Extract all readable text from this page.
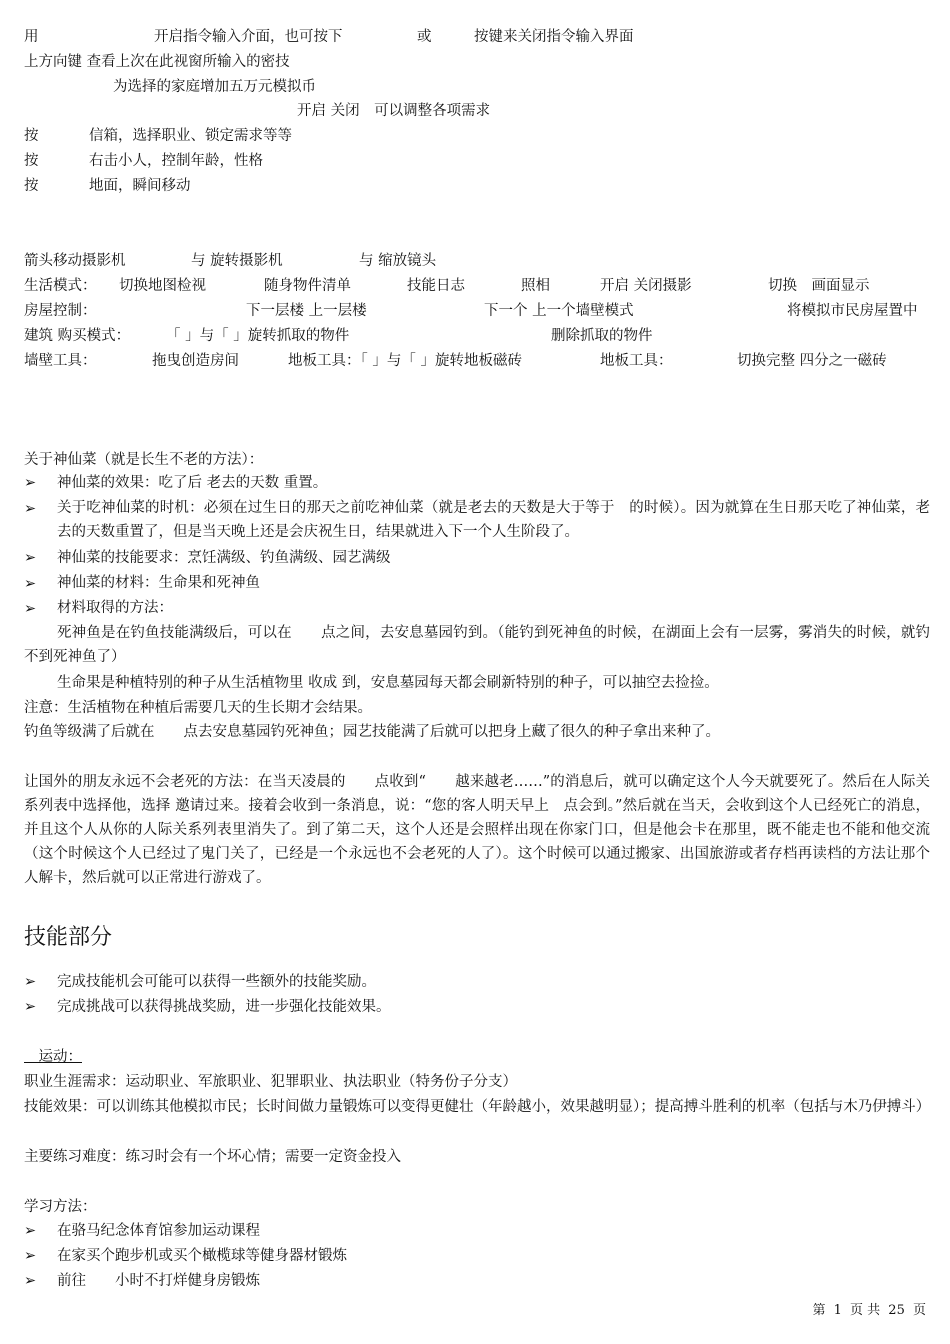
用	开启指令输入介面，也可按下	或	按键来关闭指令输入界面
上方向键 查看上次在此视窗所输入的密技
为选择的家庭增加五万元模拟币
开启 关闭　可以调整各项需求
按	信箱，选择职业、锁定需求等等
按	右击小人，控制年龄，性格
按	地面，瞬间移动
箭头移动摄影机	与 旋转摄影机	与 缩放镜头
生活模式： 切换地图检视	随身物件清单	技能日志	照相	开启 关闭摄影	切换　画面显示
房屋控制：	下一层楼 上一层楼	下一个 上一个墙壁模式	将模拟市民房屋置中
建筑 购买模式： 「 」与「 」旋转抓取的物件	删除抓取的物件
墙壁工具：	拖曳创造房间	地板工具：「 」与「 」旋转地板磁砖	地板工具：	切换完整 四分之一磁砖
关于神仙菜（就是长生不老的方法）：
➢ 神仙菜的效果：吃了后 老去的天数 重置。
➢ 关于吃神仙菜的时机：必须在过生日的那天之前吃神仙菜（就是老去的天数是大于等于　的时候）。因为就算在生日那天吃了神仙菜，老去的天数重置了，但是当天晚上还是会庆祝生日，结果就进入下一个人生阶段了。
➢ 神仙菜的技能要求：烹饪满级、钓鱼满级、园艺满级
➢ 神仙菜的材料：生命果和死神鱼
➢ 材料取得的方法：
死神鱼是在钓鱼技能满级后，可以在　　点之间，去安息墓园钓到。（能钓到死神鱼的时候，在湖面上会有一层雾，雾消失的时候，就钓不到死神鱼了）
生命果是种植特别的种子从生活植物里 收成 到，安息墓园每天都会刷新特别的种子，可以抽空去捡捡。
注意：生活植物在种植后需要几天的生长期才会结果。
钓鱼等级满了后就在　　点去安息墓园钓死神鱼；园艺技能满了后就可以把身上藏了很久的种子拿出来种了。
让国外的朋友永远不会老死的方法：在当天凌晨的　　点收到“　　越来越老……”的消息后，就可以确定这个人今天就要死了。然后在人际关系列表中选择他，选择 邀请过来。接着会收到一条消息，说：“您的客人明天早上　点会到。”然后就在当天，会收到这个人已经死亡的消息，并且这个人从你的人际关系列表里消失了。到了第二天，这个人还是会照样出现在你家门口，但是他会卡在那里，既不能走也不能和他交流（这个时候这个人已经过了鬼门关了，已经是一个永远也不会老死的人了）。这个时候可以通过搬家、出国旅游或者存档再读档的方法让那个人解卡，然后就可以正常进行游戏了。
技能部分
➢ 完成技能机会可能可以获得一些额外的技能奖励。
➢ 完成挑战可以获得挑战奖励，进一步强化技能效果。
　运动：
职业生涯需求：运动职业、军旅职业、犯罪职业、执法职业（特务份子分支）
技能效果：可以训练其他模拟市民；长时间做力量锻炼可以变得更健壮（年龄越小，效果越明显）；提高搏斗胜利的机率（包括与木乃伊搏斗）
主要练习难度：练习时会有一个坏心情；需要一定资金投入
学习方法：
➢ 在骆马纪念体育馆参加运动课程
➢ 在家买个跑步机或买个橄榄球等健身器材锻炼
➢ 前往　　小时不打烊健身房锻炼
第 1 页 共 25 页
